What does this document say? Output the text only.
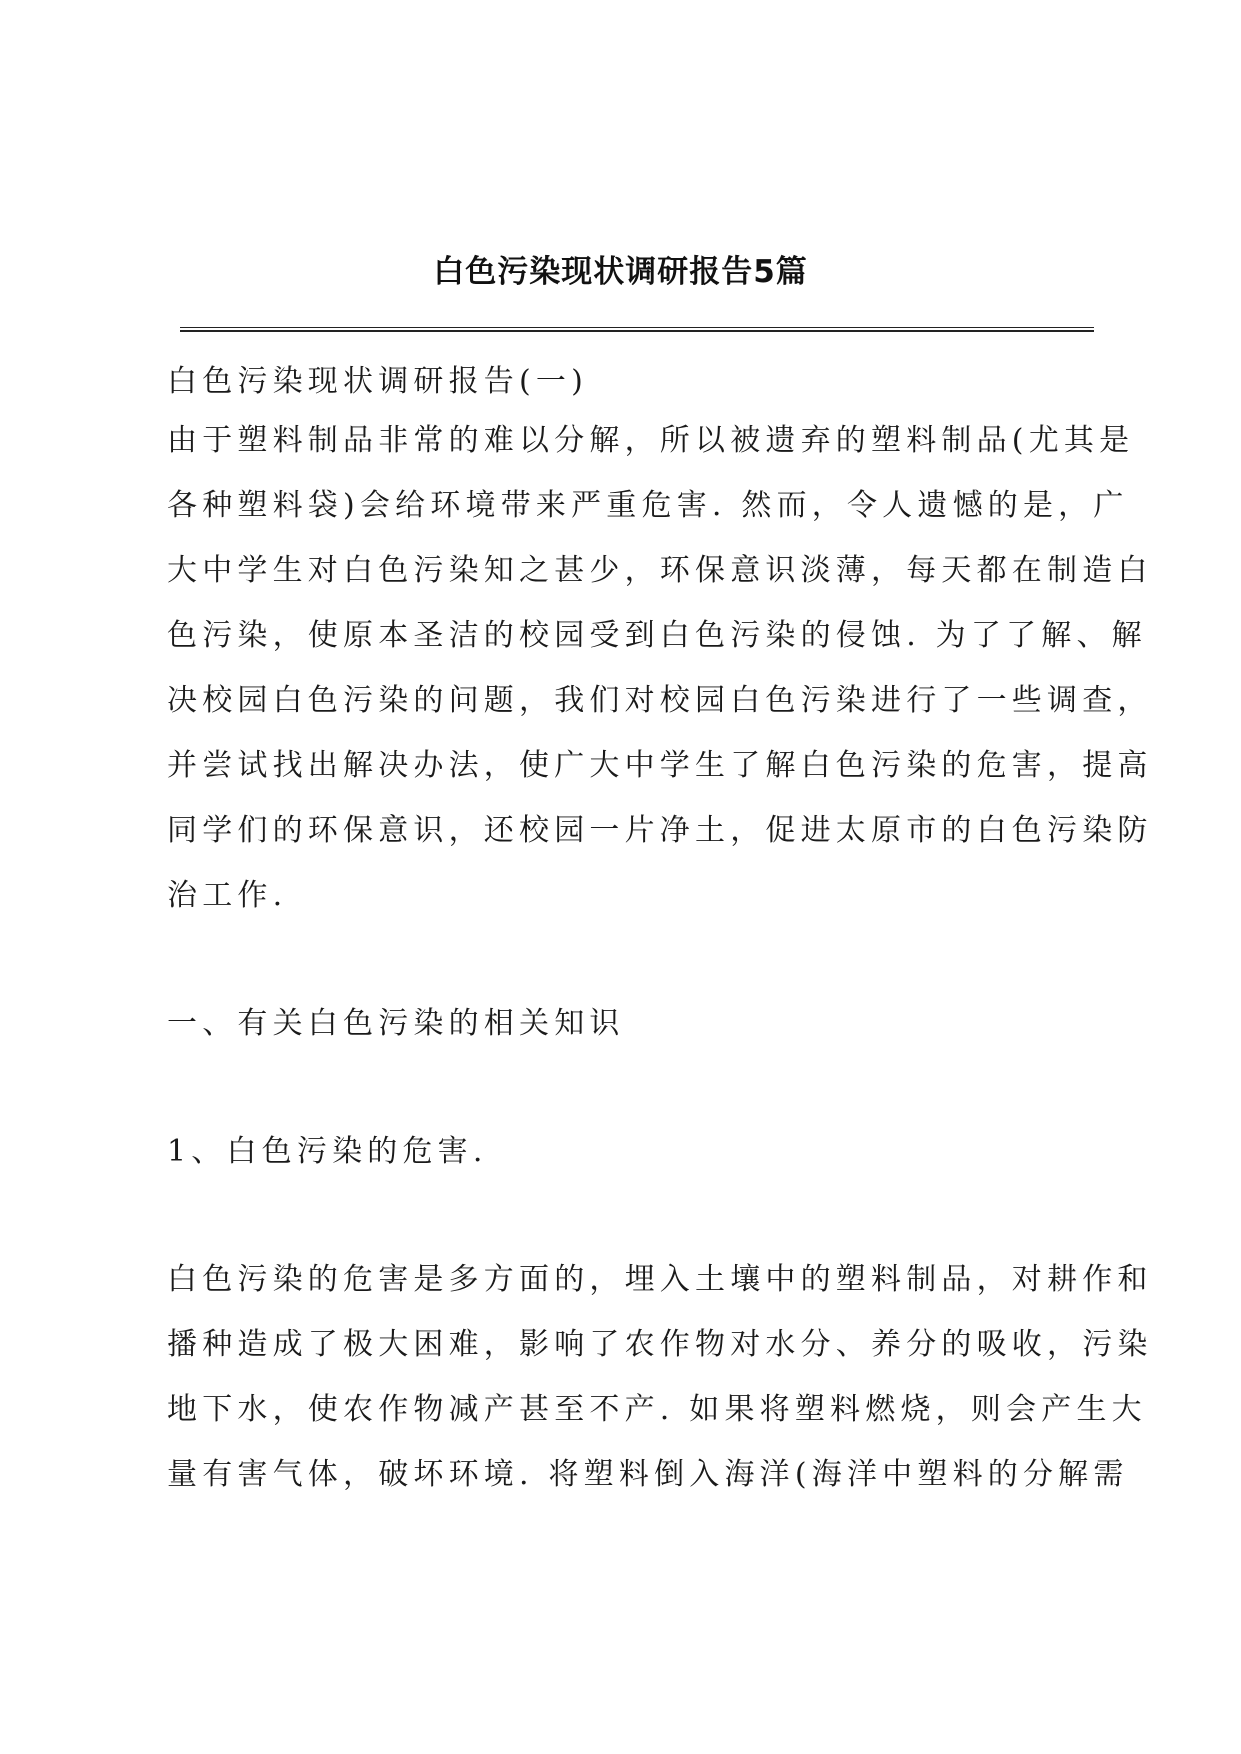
白色污染现状调研报告5篇
白色污染现状调研报告(一)
由于塑料制品非常的难以分解，所以被遗弃的塑料制品(尤其是
各种塑料袋)会给环境带来严重危害. 然而，令人遗憾的是，广
大中学生对白色污染知之甚少，环保意识淡薄，每天都在制造白
色污染，使原本圣洁的校园受到白色污染的侵蚀. 为了了解、解
决校园白色污染的问题，我们对校园白色污染进行了一些调查，
并尝试找出解决办法，使广大中学生了解白色污染的危害，提高
同学们的环保意识，还校园一片净土，促进太原市的白色污染防
治工作.
一、有关白色污染的相关知识
1、白色污染的危害.
白色污染的危害是多方面的，埋入土壤中的塑料制品，对耕作和
播种造成了极大困难，影响了农作物对水分、养分的吸收，污染
地下水，使农作物减产甚至不产. 如果将塑料燃烧，则会产生大
量有害气体，破坏环境. 将塑料倒入海洋(海洋中塑料的分解需
